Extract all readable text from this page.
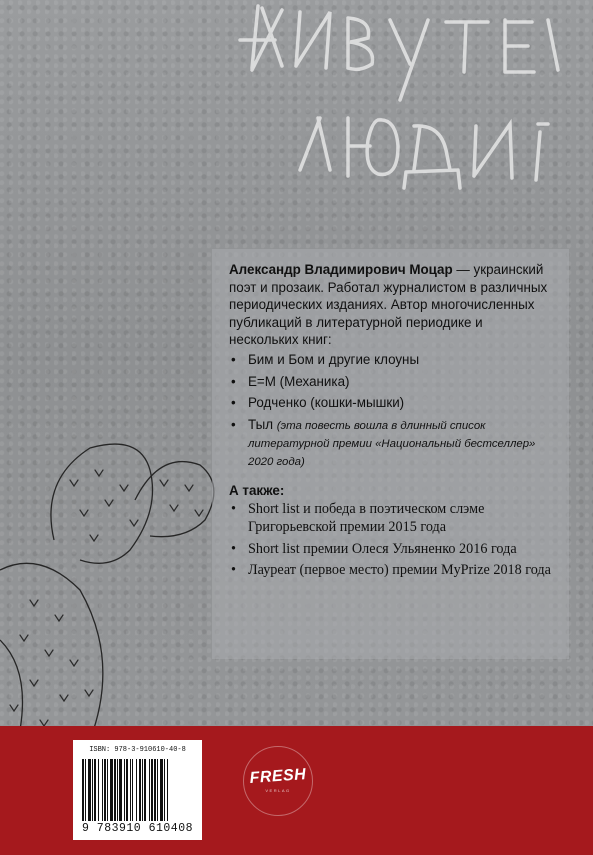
Александр Владимирович Моцар — украинский поэт и прозаик. Работал журналистом в различных периодических изданиях. Автор многочисленных публикаций в литературной периодике и нескольких книг:

• Бим и Бом и другие клоуны
• Е=М (Механика)
• Родченко (кошки-мышки)
• Тыл (эта повесть вошла в длинный список литературной премии «Национальный бестселлер» 2020 года)
А также:
• Short list и победа в поэтическом слэме Григорьевской премии 2015 года
• Short list премии Олеся Ульяненко 2016 года
• Лауреат (первое место) премии MyPrize 2018 года
ISBN: 978-3-910610-40-8
9 783910 610408
FRESH
VERLAG
